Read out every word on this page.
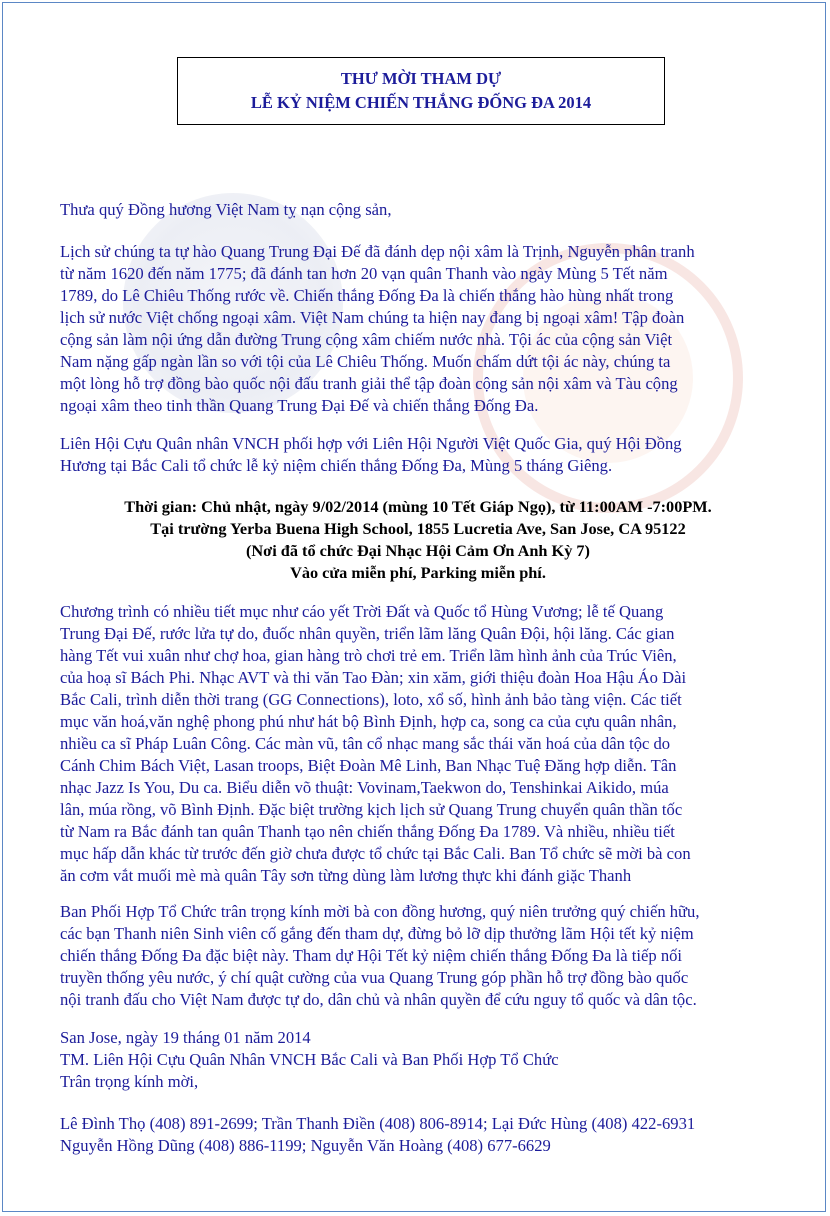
THƯ MỜI THAM DỰ
LỄ KỶ NIỆM CHIẾN THẮNG ĐỐNG ĐA 2014
Thưa quý Đồng hương Việt Nam tỵ nạn cộng sản,
Lịch sử chúng ta tự hào Quang Trung Đại Đế đã đánh dẹp nội xâm là Trịnh, Nguyễn phân tranh
từ năm 1620 đến năm 1775; đã đánh tan hơn 20 vạn quân Thanh vào ngày Mùng 5 Tết năm
1789, do Lê Chiêu Thống rước về. Chiến thắng Đống Đa là chiến thắng hào hùng nhất trong
lịch sử nước Việt chống ngoại xâm. Việt Nam chúng ta hiện nay đang bị ngoại xâm! Tập đoàn
cộng sản làm nội ứng dẫn đường Trung cộng xâm chiếm nước nhà. Tội ác của cộng sản Việt
Nam nặng gấp ngàn lần so với tội của Lê Chiêu Thống. Muốn chấm dứt tội ác này, chúng ta
một lòng hỗ trợ đồng bào quốc nội đấu tranh giải thể tập đoàn cộng sản nội xâm và Tàu cộng
ngoại xâm theo tinh thần Quang Trung Đại Đế và chiến thắng Đống Đa.
Liên Hội Cựu Quân nhân VNCH phối hợp với Liên Hội Người Việt Quốc Gia, quý Hội Đồng
Hương tại Bắc Cali tổ chức lễ kỷ niệm chiến thắng Đống Đa, Mùng 5 tháng Giêng.
Thời gian: Chủ nhật, ngày 9/02/2014 (mùng 10 Tết Giáp Ngọ), từ 11:00AM -7:00PM.
Tại trường Yerba Buena High School, 1855 Lucretia Ave, San Jose, CA 95122
(Nơi đã tổ chức Đại Nhạc Hội Cảm Ơn Anh Kỳ 7)
Vào cửa miễn phí, Parking miễn phí.
Chương trình có nhiều tiết mục như cáo yết Trời Đất và Quốc tổ Hùng Vương; lễ tế Quang
Trung Đại Đế, rước lửa tự do, đuốc nhân quyền, triển lãm lăng Quân Đội, hội lăng. Các gian
hàng Tết vui xuân như chợ hoa, gian hàng trò chơi trẻ em. Triển lãm hình ảnh của Trúc Viên,
của hoạ sĩ Bách Phi. Nhạc AVT và thi văn Tao Đàn; xin xăm, giới thiệu đoàn Hoa Hậu Áo Dài
Bắc Cali, trình diễn thời trang (GG Connections), loto, xổ số, hình ảnh bảo tàng viện. Các tiết
mục văn hoá,văn nghệ phong phú như hát bộ Bình Định, hợp ca, song ca của cựu quân nhân,
nhiều ca sĩ Pháp Luân Công. Các màn vũ, tân cổ nhạc mang sắc thái văn hoá của dân tộc do
Cánh Chim Bách Việt, Lasan troops, Biệt Đoàn Mê Linh, Ban Nhạc Tuệ Đăng hợp diễn. Tân
nhạc Jazz Is You, Du ca. Biểu diễn võ thuật: Vovinam,Taekwon do, Tenshinkai Aikido, múa
lân, múa rồng, võ Bình Định. Đặc biệt trường kịch lịch sử Quang Trung chuyển quân thần tốc
từ Nam ra Bắc đánh tan quân Thanh tạo nên chiến thắng Đống Đa 1789. Và nhiều, nhiều tiết
mục hấp dẫn khác từ trước đến giờ chưa được tổ chức tại Bắc Cali. Ban Tổ chức sẽ mời bà con
ăn cơm vắt muối mè mà quân Tây sơn từng dùng làm lương thực khi đánh giặc Thanh
Ban Phối Hợp Tổ Chức trân trọng kính mời bà con đồng hương, quý niên trưởng quý chiến hữu,
các bạn Thanh niên Sinh viên cố gắng đến tham dự, đừng bỏ lỡ dịp thưởng lãm Hội tết kỷ niệm
chiến thắng Đống Đa đặc biệt này. Tham dự Hội Tết kỷ niệm chiến thắng Đống Đa là tiếp nối
truyền thống yêu nước, ý chí quật cường của vua Quang Trung góp phần hỗ trợ đồng bào quốc
nội tranh đấu cho Việt Nam được tự do, dân chủ và nhân quyền để cứu nguy tổ quốc và dân tộc.
San Jose, ngày 19 tháng 01 năm 2014
TM. Liên Hội Cựu Quân Nhân VNCH Bắc Cali và Ban Phối Hợp Tổ Chức
Trân trọng kính mời,
Lê Đình Thọ (408) 891-2699; Trần Thanh Điền (408) 806-8914; Lại Đức Hùng (408) 422-6931
Nguyễn Hồng Dũng (408) 886-1199; Nguyễn Văn Hoàng (408) 677-6629
